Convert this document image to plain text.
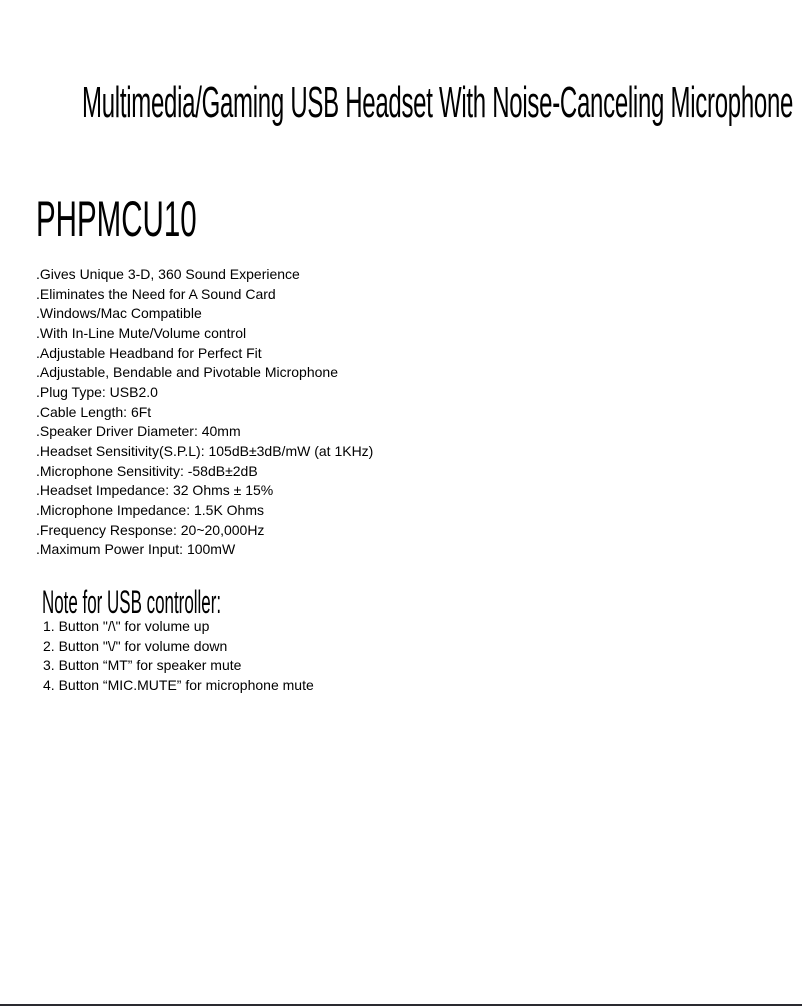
Multimedia/Gaming USB Headset With Noise-Canceling Microphone
PHPMCU10
.Gives Unique 3-D, 360 Sound Experience
.Eliminates the Need for A Sound Card
.Windows/Mac Compatible
.With In-Line Mute/Volume control
.Adjustable Headband for Perfect Fit
.Adjustable, Bendable and Pivotable Microphone
.Plug Type: USB2.0
.Cable Length: 6Ft
.Speaker Driver Diameter: 40mm
.Headset Sensitivity(S.P.L): 105dB±3dB/mW (at 1KHz)
.Microphone Sensitivity: -58dB±2dB
.Headset Impedance: 32 Ohms ± 15%
.Microphone Impedance: 1.5K Ohms
.Frequency Response: 20~20,000Hz
.Maximum Power Input: 100mW
Note for USB controller:
1. Button "/\" for volume up
2. Button "\/" for volume down
3. Button “MT” for speaker mute
4. Button “MIC.MUTE” for microphone mute
